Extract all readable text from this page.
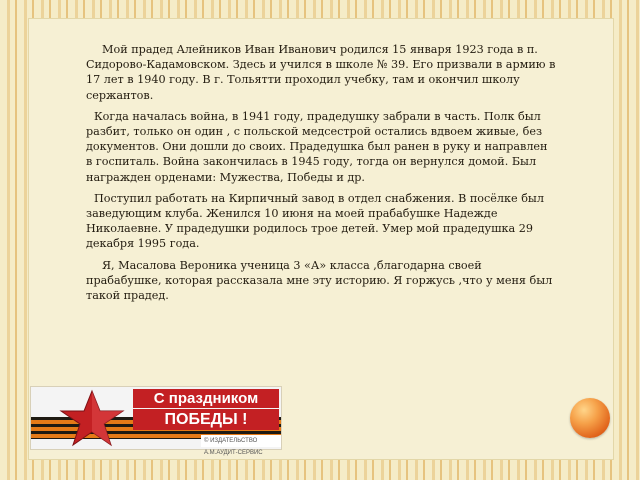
Мой прадед Алейников Иван Иванович родился 15 января 1923 года в п. Сидорово-Кадамовском. Здесь и учился в школе № 39. Его призвали в армию в 17 лет в 1940 году. В г. Тольятти проходил учебку, там и окончил школу сержантов.

Когда началась война, в 1941 году, прадедушку забрали в часть. Полк был разбит, только он один , с польской медсестрой остались вдвоем живые, без документов. Они дошли до своих. Прадедушка был ранен в руку и направлен в госпиталь. Война закончилась в 1945 году, тогда он вернулся домой. Был награжден орденами: Мужества, Победы и др.

Поступил работать на Кирпичный завод в отдел снабжения. В посёлке был заведующим клуба. Женился 10 июня на моей прабабушке Надежде Николаевне. У прадедушки родилось трое детей. Умер мой прадедушка 29 декабря 1995 года.

Я, Масалова Вероника ученица 3 «А» класса ,благодарна своей прабабушке, которая рассказала мне эту историю. Я горжусь ,что у меня был такой прадед.

С праздником
ПОБЕДЫ !
© ИЗДАТЕЛЬСТВО А.М.АУДИТ-СЕРВИС
